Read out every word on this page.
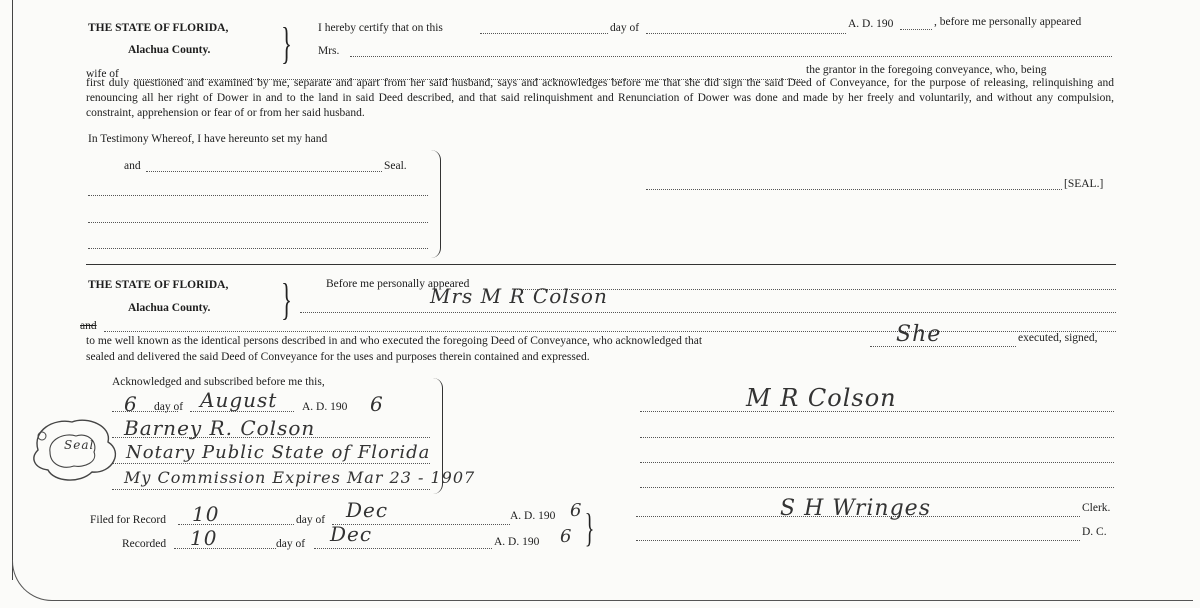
THE STATE OF FLORIDA,
Alachua County. } I hereby certify that on this	day of	A. D. 190	, before me personally appeared
Mrs.
wife of	the grantor in the foregoing conveyance, who, being
first duly questioned and examined by me, separate and apart from her said husband, says and acknowledges before me that she did sign the said Deed of Conveyance, for the purpose of releasing, relinquishing and renouncing all her right of Dower in and to the land in said Deed described, and that said relinquishment and Renunciation of Dower was done and made by her freely and voluntarily, and without any compulsion, constraint, apprehension or fear of or from her said husband.
In Testimony Whereof, I have hereunto set my hand
and	Seal.
[SEAL.]
THE STATE OF FLORIDA,
Alachua County. }	Before me personally appeared
Mrs M R Colson
and
to me well known as the identical persons described in and who executed the foregoing Deed of Conveyance, who acknowledged that	She	executed, signed,
sealed and delivered the said Deed of Conveyance for the uses and purposes therein contained and expressed.
Acknowledged and subscribed before me this,
6 day of August A. D. 190 6
Barney R. Colson
Notary Public State of Florida
My Commission Expires Mar 23 - 1907
Seal
M R Colson
Filed for Record 10	day of Dec	A. D. 190 6 }	S H Wringes	Clerk.
Recorded 10	day of Dec	A. D. 190 6	D. C.
